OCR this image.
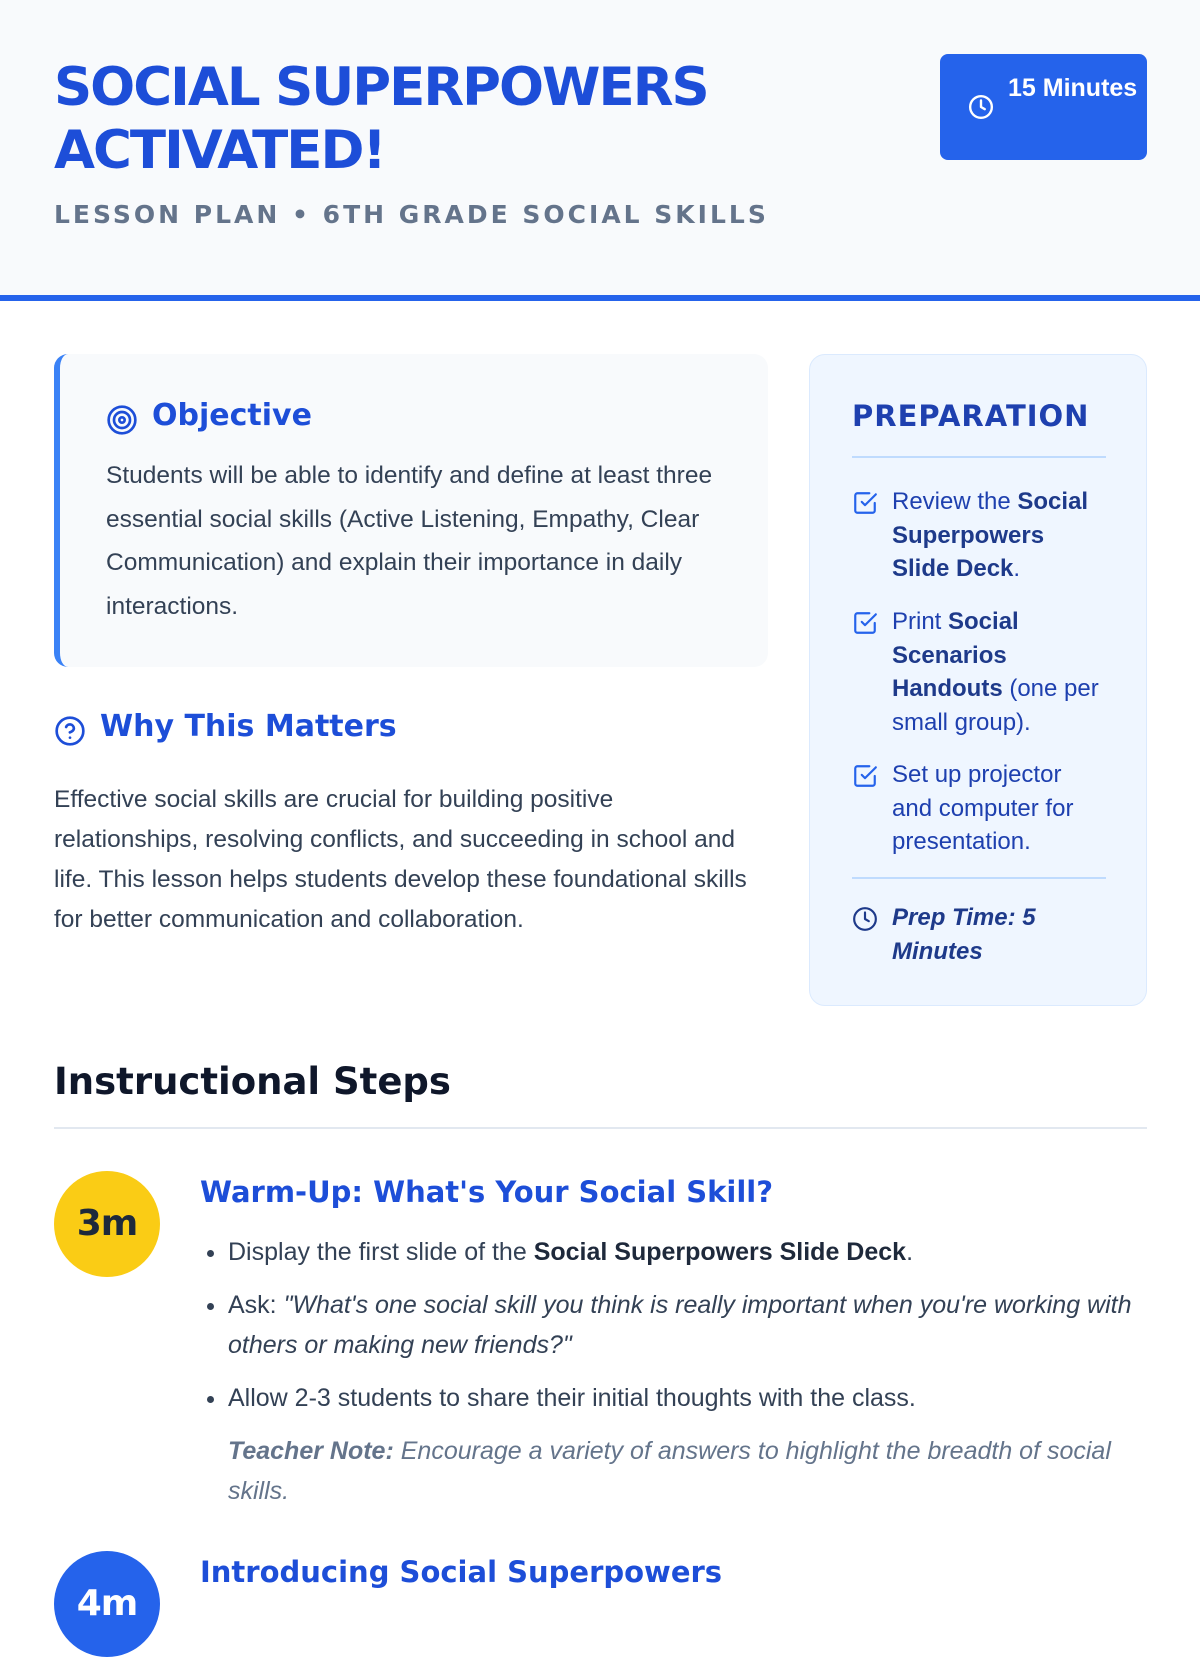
SOCIAL SUPERPOWERS ACTIVATED!
LESSON PLAN • 6TH GRADE SOCIAL SKILLS
15 Minutes
Objective

Students will be able to identify and define at least three essential social skills (Active Listening, Empathy, Clear Communication) and explain their importance in daily interactions.

Why This Matters

Effective social skills are crucial for building positive relationships, resolving conflicts, and succeeding in school and life. This lesson helps students develop these foundational skills for better communication and collaboration.

PREPARATION
Review the Social Superpowers Slide Deck.
Print Social Scenarios Handouts (one per small group).
Set up projector and computer for presentation.
Prep Time: 5 Minutes
Instructional Steps
3m
Warm-Up: What's Your Social Skill?
• Display the first slide of the Social Superpowers Slide Deck.
• Ask: "What's one social skill you think is really important when you're working with others or making new friends?"
• Allow 2-3 students to share their initial thoughts with the class.
Teacher Note: Encourage a variety of answers to highlight the breadth of social skills.
4m
Introducing Social Superpowers
